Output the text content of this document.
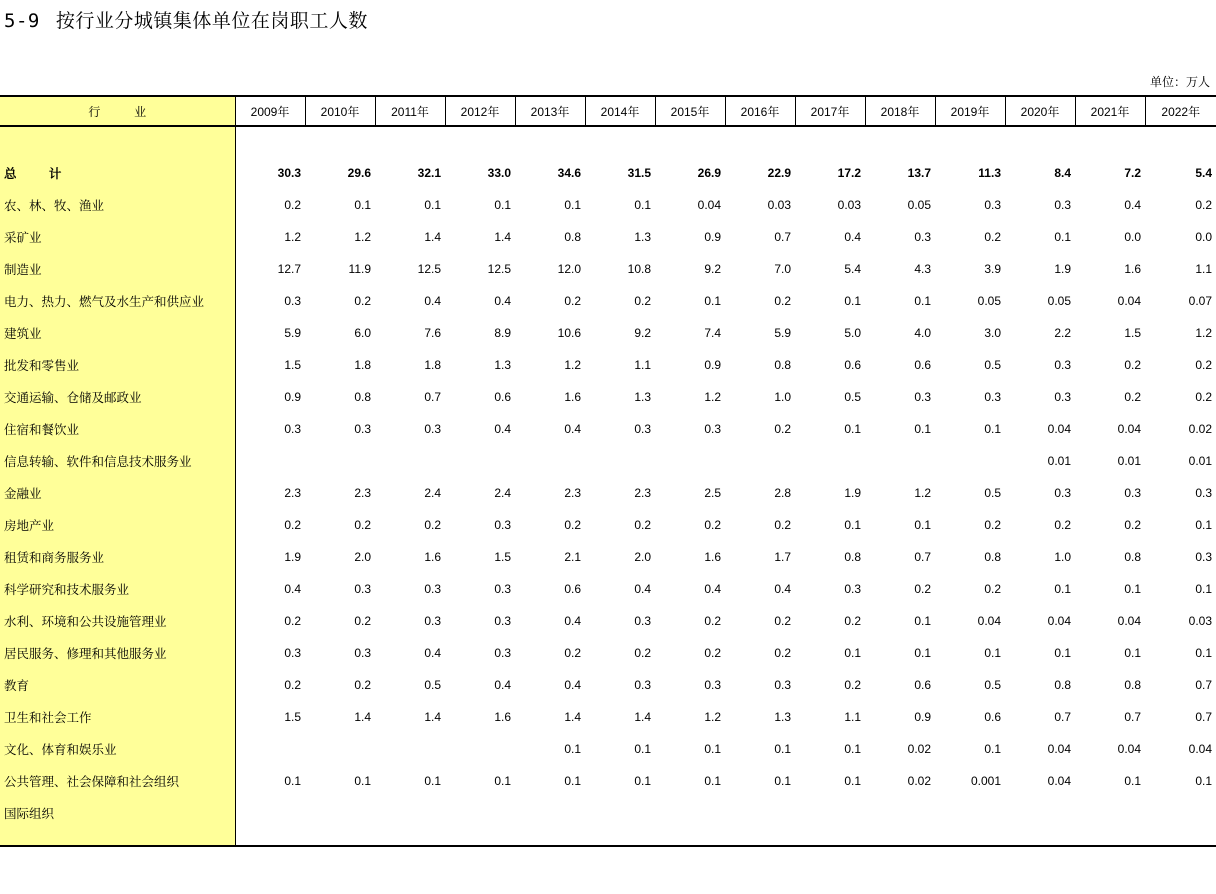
5-9 按行业分城镇集体单位在岗职工人数
单位：万人
行 业	2009年	2010年	2011年	2012年	2013年	2014年	2015年	2016年	2017年	2018年	2019年	2020年	2021年	2022年

总 计	30.3	29.6	32.1	33.0	34.6	31.5	26.9	22.9	17.2	13.7	11.3	8.4	7.2	5.4
农、林、牧、渔业	0.2	0.1	0.1	0.1	0.1	0.1	0.04	0.03	0.03	0.05	0.3	0.3	0.4	0.2
采矿业	1.2	1.2	1.4	1.4	0.8	1.3	0.9	0.7	0.4	0.3	0.2	0.1	0.0	0.0
制造业	12.7	11.9	12.5	12.5	12.0	10.8	9.2	7.0	5.4	4.3	3.9	1.9	1.6	1.1
电力、热力、燃气及水生产和供应业	0.3	0.2	0.4	0.4	0.2	0.2	0.1	0.2	0.1	0.1	0.05	0.05	0.04	0.07
建筑业	5.9	6.0	7.6	8.9	10.6	9.2	7.4	5.9	5.0	4.0	3.0	2.2	1.5	1.2
批发和零售业	1.5	1.8	1.8	1.3	1.2	1.1	0.9	0.8	0.6	0.6	0.5	0.3	0.2	0.2
交通运输、仓储及邮政业	0.9	0.8	0.7	0.6	1.6	1.3	1.2	1.0	0.5	0.3	0.3	0.3	0.2	0.2
住宿和餐饮业	0.3	0.3	0.3	0.4	0.4	0.3	0.3	0.2	0.1	0.1	0.1	0.04	0.04	0.02
信息转输、软件和信息技术服务业												0.01	0.01	0.01
金融业	2.3	2.3	2.4	2.4	2.3	2.3	2.5	2.8	1.9	1.2	0.5	0.3	0.3	0.3
房地产业	0.2	0.2	0.2	0.3	0.2	0.2	0.2	0.2	0.1	0.1	0.2	0.2	0.2	0.1
租赁和商务服务业	1.9	2.0	1.6	1.5	2.1	2.0	1.6	1.7	0.8	0.7	0.8	1.0	0.8	0.3
科学研究和技术服务业	0.4	0.3	0.3	0.3	0.6	0.4	0.4	0.4	0.3	0.2	0.2	0.1	0.1	0.1
水利、环境和公共设施管理业	0.2	0.2	0.3	0.3	0.4	0.3	0.2	0.2	0.2	0.1	0.04	0.04	0.04	0.03
居民服务、修理和其他服务业	0.3	0.3	0.4	0.3	0.2	0.2	0.2	0.2	0.1	0.1	0.1	0.1	0.1	0.1
教育	0.2	0.2	0.5	0.4	0.4	0.3	0.3	0.3	0.2	0.6	0.5	0.8	0.8	0.7
卫生和社会工作	1.5	1.4	1.4	1.6	1.4	1.4	1.2	1.3	1.1	0.9	0.6	0.7	0.7	0.7
文化、体育和娱乐业					0.1	0.1	0.1	0.1	0.1	0.02	0.1	0.04	0.04	0.04
公共管理、社会保障和社会组织	0.1	0.1	0.1	0.1	0.1	0.1	0.1	0.1	0.1	0.02	0.001	0.04	0.1	0.1
国际组织														
